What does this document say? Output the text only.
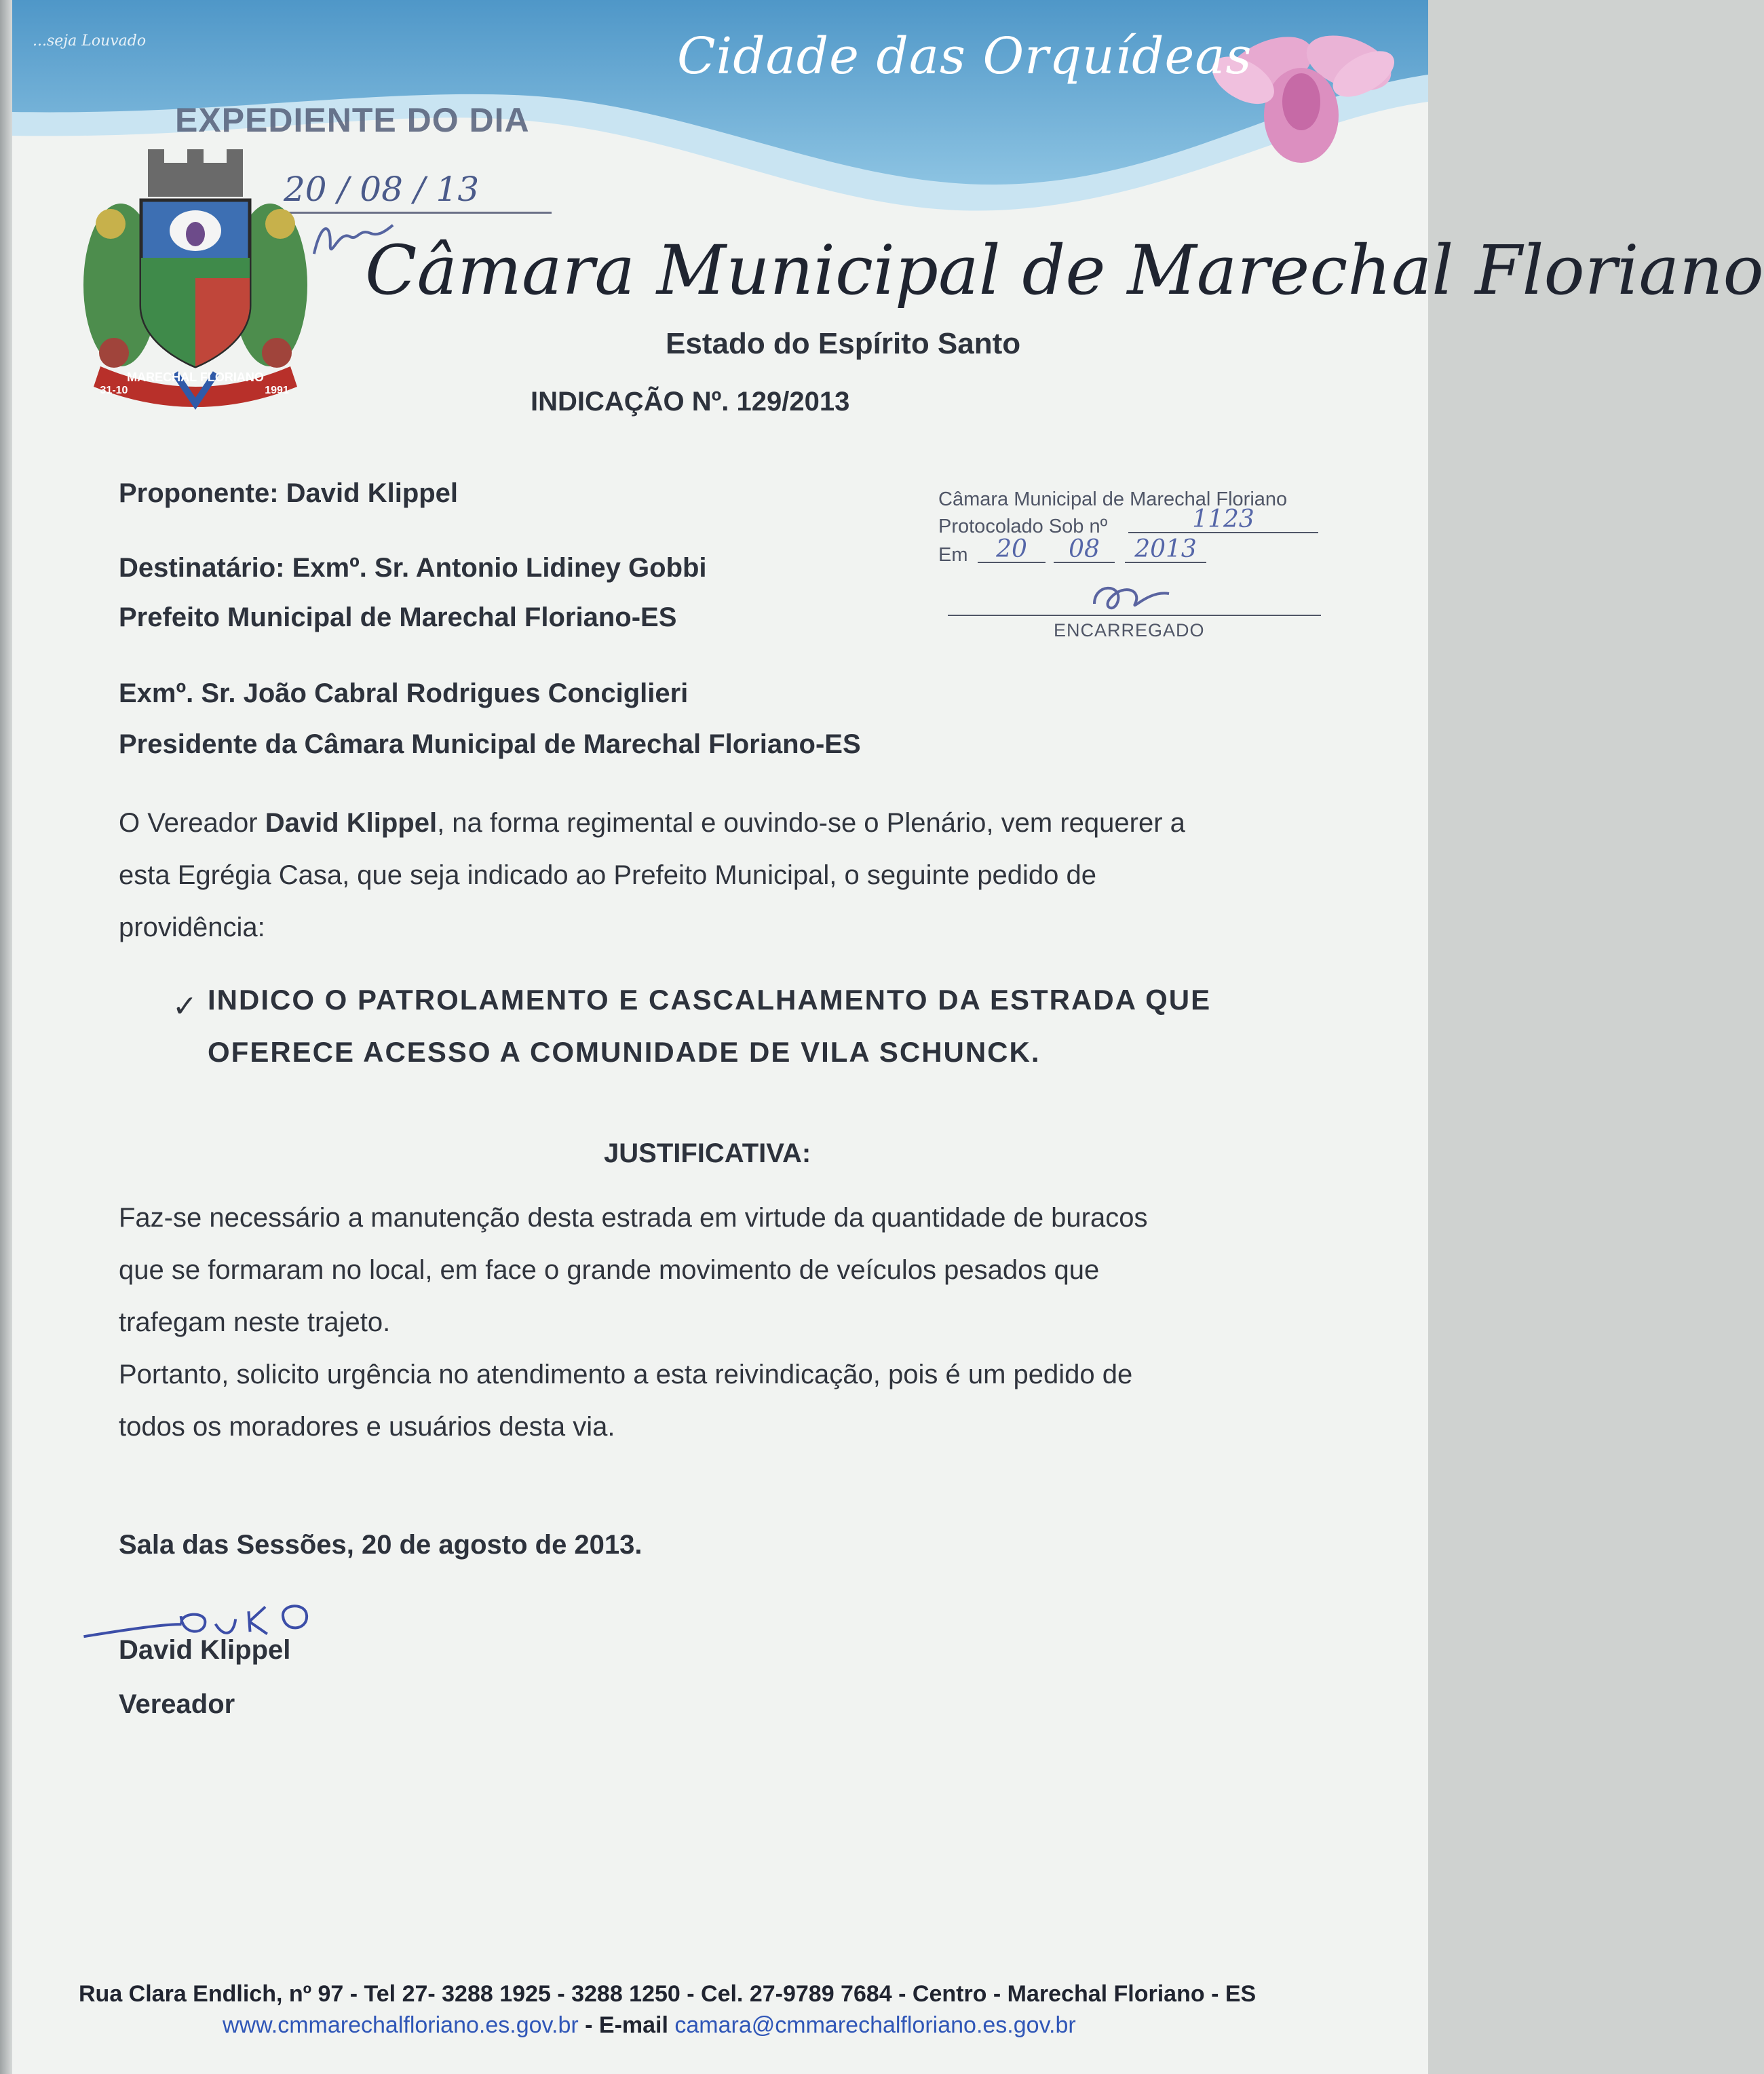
...seja Louvado	Cidade das Orquídeas
EXPEDIENTE DO DIA
20 / 08 / 13
MARECHAL FLORIANO
31-10	1991
Câmara Municipal de Marechal Floriano
Estado do Espírito Santo
INDICAÇÃO Nº. 129/2013
Câmara Municipal de Marechal Floriano
Protocolado Sob nº	1123
Em	20	08	2013
ENCARREGADO
Proponente: David Klippel
Destinatário: Exmº. Sr. Antonio Lidiney Gobbi
Prefeito Municipal de Marechal Floriano-ES
Exmº. Sr. João Cabral Rodrigues Conciglieri
Presidente da Câmara Municipal de Marechal Floriano-ES
O Vereador David Klippel, na forma regimental e ouvindo-se o Plenário, vem requerer a
esta Egrégia Casa, que seja indicado ao Prefeito Municipal, o seguinte pedido de
providência:
✓ INDICO O PATROLAMENTO E CASCALHAMENTO DA ESTRADA QUE
OFERECE ACESSO A COMUNIDADE DE VILA SCHUNCK.
JUSTIFICATIVA:
Faz-se necessário a manutenção desta estrada em virtude da quantidade de buracos
que se formaram no local, em face o grande movimento de veículos pesados que
trafegam neste trajeto.
Portanto, solicito urgência no atendimento a esta reivindicação, pois é um pedido de
todos os moradores e usuários desta via.
Sala das Sessões, 20 de agosto de 2013.
David Klippel
Vereador
Rua Clara Endlich, nº 97 - Tel 27- 3288 1925 - 3288 1250 - Cel. 27-9789 7684 - Centro - Marechal Floriano - ES
www.cmmarechalfloriano.es.gov.br - E-mail camara@cmmarechalfloriano.es.gov.br
